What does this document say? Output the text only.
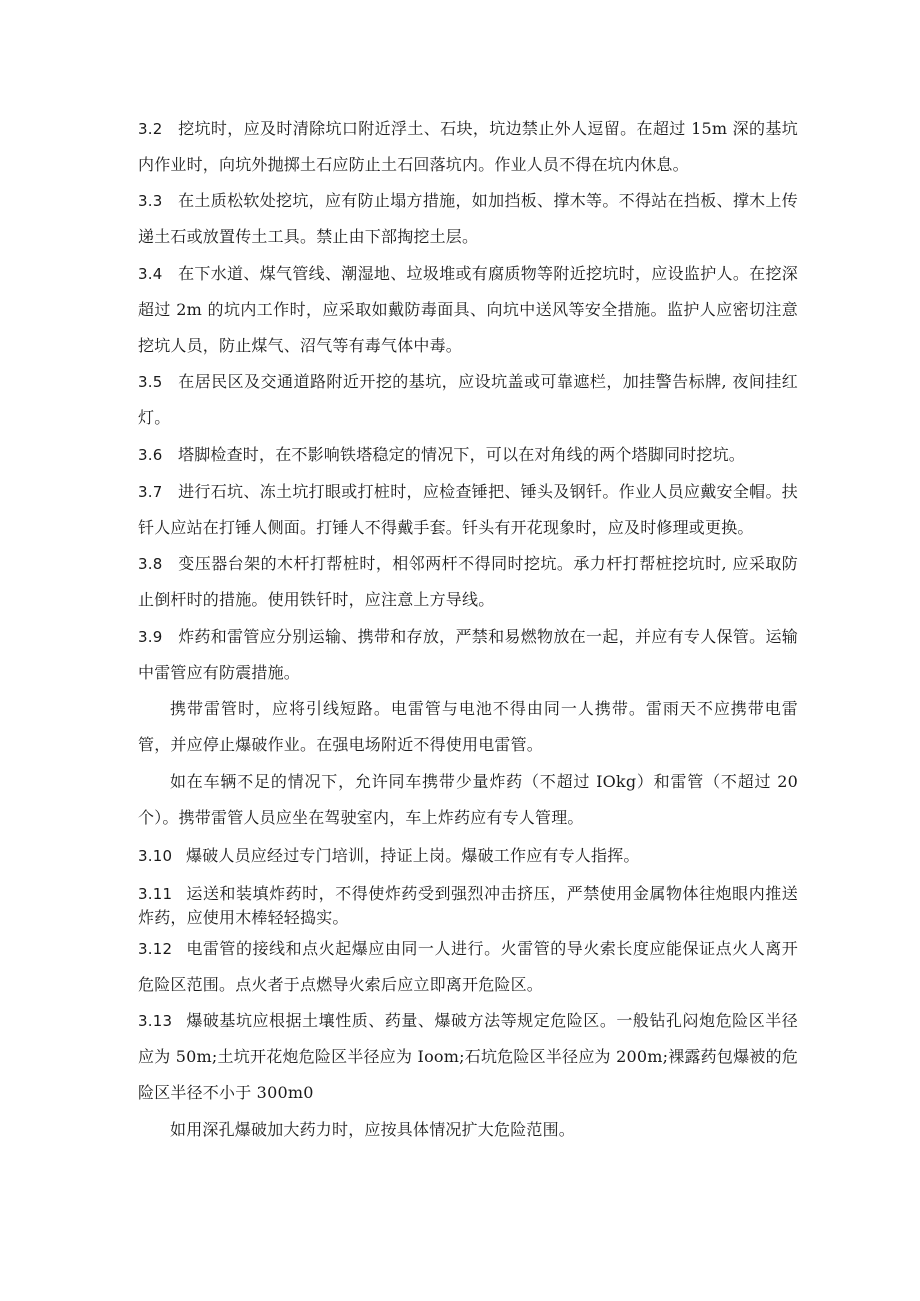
3.2 挖坑时，应及时清除坑口附近浮土、石块，坑边禁止外人逗留。在超过 15m 深的基坑内作业时，向坑外抛掷土石应防止土石回落坑内。作业人员不得在坑内休息。
3.3 在土质松软处挖坑，应有防止塌方措施，如加挡板、撑木等。不得站在挡板、撑木上传递土石或放置传土工具。禁止由下部掏挖土层。
3.4 在下水道、煤气管线、潮湿地、垃圾堆或有腐质物等附近挖坑时，应设监护人。在挖深超过 2m 的坑内工作时，应采取如戴防毒面具、向坑中送风等安全措施。监护人应密切注意挖坑人员，防止煤气、沼气等有毒气体中毒。
3.5 在居民区及交通道路附近开挖的基坑，应设坑盖或可靠遮栏，加挂警告标牌, 夜间挂红灯。
3.6 塔脚检查时，在不影响铁塔稳定的情况下，可以在对角线的两个塔脚同时挖坑。
3.7 进行石坑、冻土坑打眼或打桩时，应检查锤把、锤头及钢钎。作业人员应戴安全帽。扶钎人应站在打锤人侧面。打锤人不得戴手套。钎头有开花现象时，应及时修理或更换。
3.8 变压器台架的木杆打帮桩时，相邻两杆不得同时挖坑。承力杆打帮桩挖坑时, 应采取防止倒杆时的措施。使用铁钎时，应注意上方导线。
3.9 炸药和雷管应分别运输、携带和存放，严禁和易燃物放在一起，并应有专人保管。运输中雷管应有防震措施。
携带雷管时，应将引线短路。电雷管与电池不得由同一人携带。雷雨天不应携带电雷管，并应停止爆破作业。在强电场附近不得使用电雷管。
如在车辆不足的情况下，允许同车携带少量炸药（不超过 IOkg）和雷管（不超过 20个）。携带雷管人员应坐在驾驶室内，车上炸药应有专人管理。
3.10 爆破人员应经过专门培训，持证上岗。爆破工作应有专人指挥。
3.11 运送和装填炸药时，不得使炸药受到强烈冲击挤压，严禁使用金属物体往炮眼内推送炸药，应使用木棒轻轻捣实。
3.12 电雷管的接线和点火起爆应由同一人进行。火雷管的导火索长度应能保证点火人离开危险区范围。点火者于点燃导火索后应立即离开危险区。
3.13 爆破基坑应根据土壤性质、药量、爆破方法等规定危险区。一般钻孔闷炮危险区半径应为 50m;土坑开花炮危险区半径应为 Ioom;石坑危险区半径应为 200m;裸露药包爆被的危险区半径不小于 300m0
如用深孔爆破加大药力时，应按具体情况扩大危险范围。
